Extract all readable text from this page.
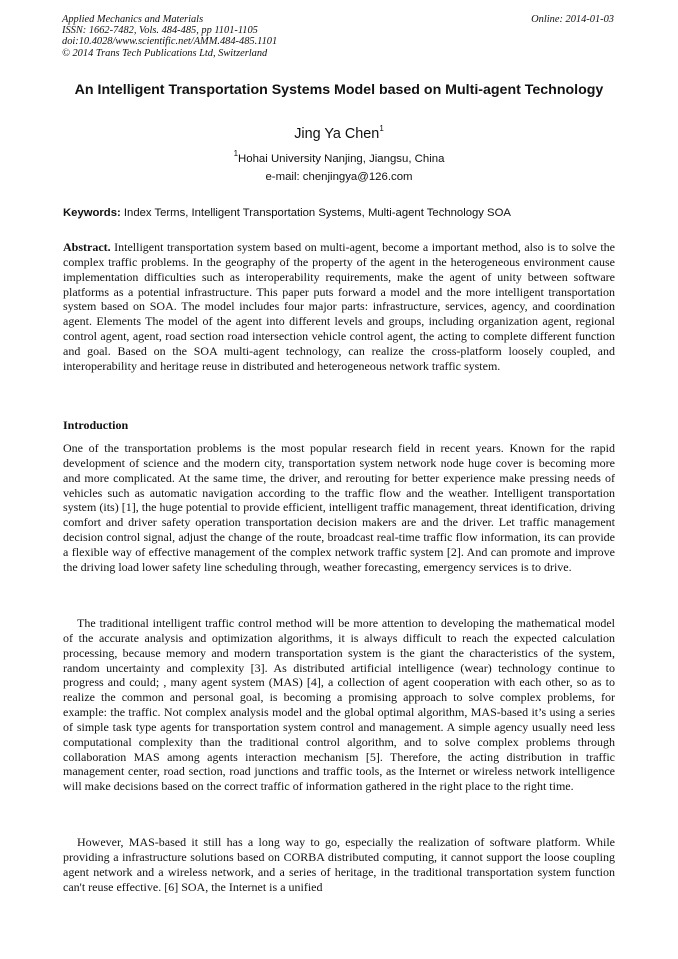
Applied Mechanics and Materials
ISSN: 1662-7482, Vols. 484-485, pp 1101-1105
doi:10.4028/www.scientific.net/AMM.484-485.1101
© 2014 Trans Tech Publications Ltd, Switzerland
Online: 2014-01-03
An Intelligent Transportation Systems Model based on Multi-agent Technology
Jing Ya Chen$^1$
$^1$Hohai University Nanjing, Jiangsu, China
e-mail: chenjingya@126.com
Keywords: Index Terms, Intelligent Transportation Systems, Multi-agent Technology SOA

Abstract. Intelligent transportation system based on multi-agent, become a important method, also is to solve the complex traffic problems. In the geography of the property of the agent in the heterogeneous environment cause implementation difficulties such as interoperability requirements, make the agent of unity between software platforms as a potential infrastructure. This paper puts forward a model and the more intelligent transportation system based on SOA. The model includes four major parts: infrastructure, services, agency, and coordination agent. Elements The model of the agent into different levels and groups, including organization agent, regional control agent, agent, road section road intersection vehicle control agent, the acting to complete different function and goal. Based on the SOA multi-agent technology, can realize the cross-platform loosely coupled, and interoperability and heritage reuse in distributed and heterogeneous network traffic system.

Introduction

One of the transportation problems is the most popular research field in recent years. Known for the rapid development of science and the modern city, transportation system network node huge cover is becoming more and more complicated. At the same time, the driver, and rerouting for better experience make pressing needs of vehicles such as automatic navigation according to the traffic flow and the weather. Intelligent transportation system (its) [1], the huge potential to provide efficient, intelligent traffic management, threat identification, driving comfort and driver safety operation transportation decision makers are and the driver. Let traffic management decision control signal, adjust the change of the route, broadcast real-time traffic flow information, its can provide a flexible way of effective management of the complex network traffic system [2]. And can promote and improve the driving load lower safety line scheduling through, weather forecasting, emergency services is to drive.

The traditional intelligent traffic control method will be more attention to developing the mathematical model of the accurate analysis and optimization algorithms, it is always difficult to reach the expected calculation processing, because memory and modern transportation system is the giant the characteristics of the system, random uncertainty and complexity [3]. As distributed artificial intelligence (wear) technology continue to progress and could; , many agent system (MAS) [4], a collection of agent cooperation with each other, so as to realize the common and personal goal, is becoming a promising approach to solve complex problems, for example: the traffic. Not complex analysis model and the global optimal algorithm, MAS-based it’s using a series of simple task type agents for transportation system control and management. A simple agency usually need less computational complexity than the traditional control algorithm, and to solve complex problems through collaboration MAS among agents interaction mechanism [5]. Therefore, the acting distribution in traffic management center, road section, road junctions and traffic tools, as the Internet or wireless network intelligence will make decisions based on the correct traffic of information gathered in the right place to the right time.

However, MAS-based it still has a long way to go, especially the realization of software platform. While providing a infrastructure solutions based on CORBA distributed computing, it cannot support the loose coupling agent network and a wireless network, and a series of heritage, in the traditional transportation system function can't reuse effective. [6] SOA, the Internet is a unified
